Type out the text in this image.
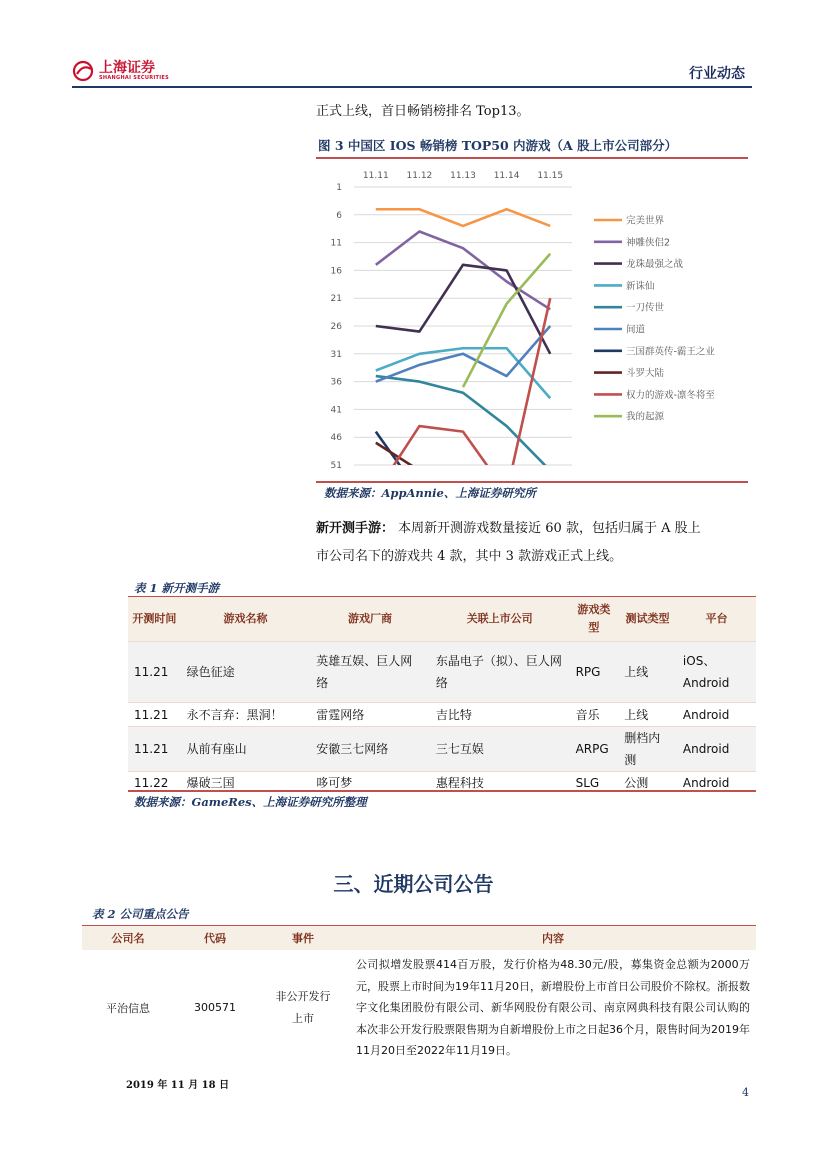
上海证券
SHANGHAI SECURITIES	行业动态
正式上线，首日畅销榜排名 Top13。
图 3 中国区 IOS 畅销榜 TOP50 内游戏（A 股上市公司部分）
1
6
11
16
21
26
31
36
41
46
51
11.11 11.12 11.13 11.14 11.15
完美世界
神雕侠侣2
龙珠最强之战
新诛仙
一刀传世
间道
三国群英传-霸王之业
斗罗大陆
权力的游戏-凛冬将至
我的起源
数据来源：AppAnnie、上海证券研究所
新开测手游： 本周新开测游戏数量接近 60 款，包括归属于 A 股上
市公司名下的游戏共 4 款，其中 3 款游戏正式上线。
表 1 新开测手游
开测时间	游戏名称	游戏厂商	关联上市公司	游戏类型	测试类型	平台
11.21	绿色征途	英雄互娱、巨人网络	东晶电子（拟）、巨人网络	RPG	上线	iOS、Android
11.21	永不言弃：黑洞！	雷霆网络	吉比特	音乐	上线	Android
11.21	从前有座山	安徽三七网络	三七互娱	ARPG	删档内测	Android
11.22	爆破三国	哆可梦	惠程科技	SLG	公测	Android
数据来源：GameRes、上海证券研究所整理
三、近期公司公告
表 2 公司重点公告
公司名	代码	事件	内容
平治信息	300571	非公开发行上市	公司拟增发股票414百万股，发行价格为48.30元/股，募集资金总额为2000万元，股票上市时间为19年11月20日，新增股份上市首日公司股价不除权。浙报数字文化集团股份有限公司、新华网股份有限公司、南京网典科技有限公司认购的本次非公开发行股票限售期为自新增股份上市之日起36个月，限售时间为2019年11月20日至2022年11月19日。
2019 年 11 月 18 日
4
